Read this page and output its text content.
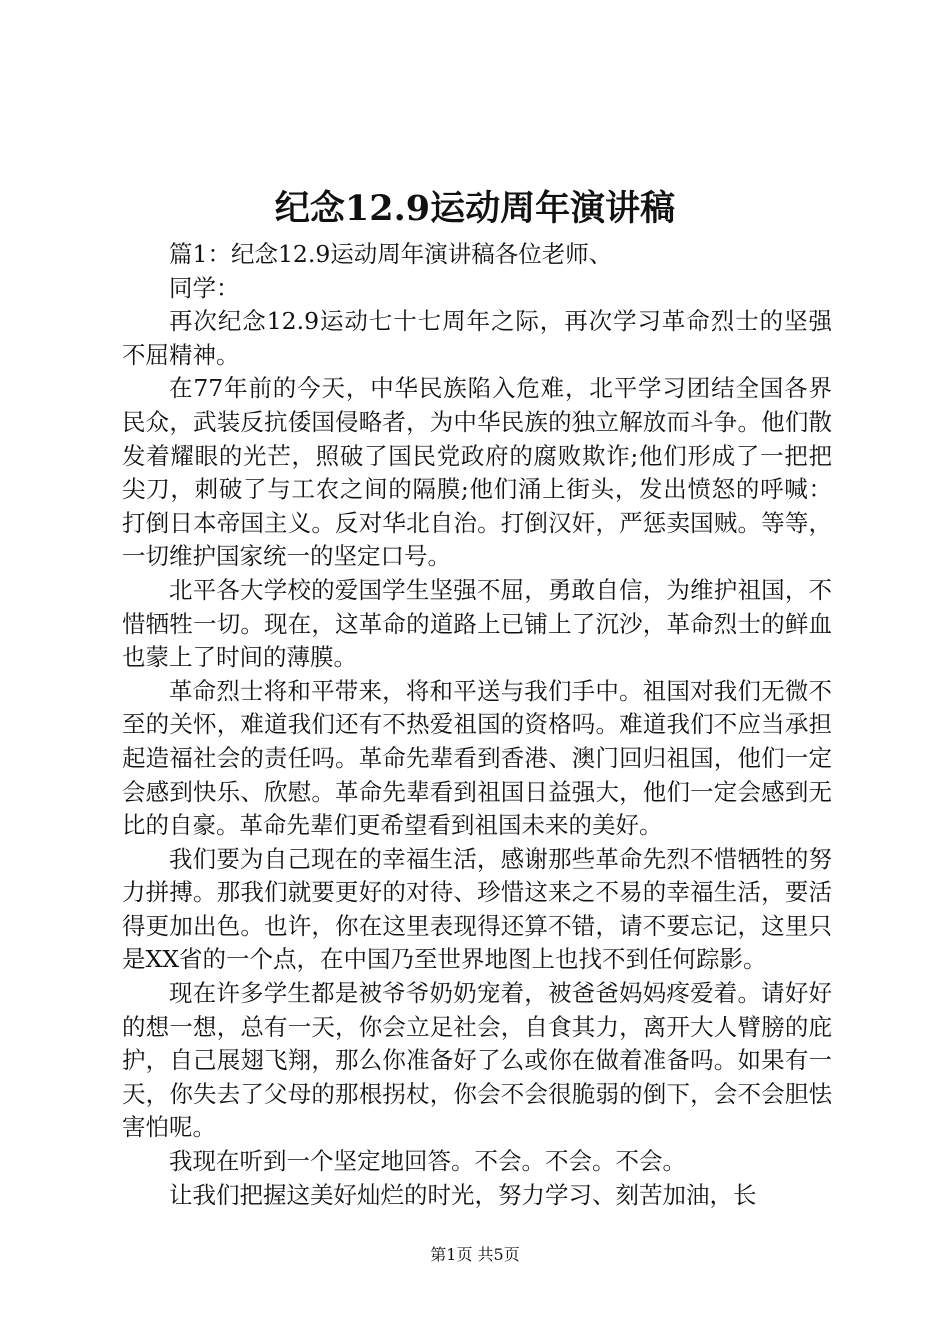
纪念12.9运动周年演讲稿

篇1：纪念12.9运动周年演讲稿各位老师、

同学：

再次纪念12.9运动七十七周年之际，再次学习革命烈士的坚强不屈精神。

在77年前的今天，中华民族陷入危难，北平学习团结全国各界民众，武装反抗倭国侵略者，为中华民族的独立解放而斗争。他们散发着耀眼的光芒，照破了国民党政府的腐败欺诈;他们形成了一把把尖刀，刺破了与工农之间的隔膜;他们涌上街头，发出愤怒的呼喊：打倒日本帝国主义。反对华北自治。打倒汉奸，严惩卖国贼。等等，一切维护国家统一的坚定口号。

北平各大学校的爱国学生坚强不屈，勇敢自信，为维护祖国，不惜牺牲一切。现在，这革命的道路上已铺上了沉沙，革命烈士的鲜血也蒙上了时间的薄膜。

革命烈士将和平带来，将和平送与我们手中。祖国对我们无微不至的关怀，难道我们还有不热爱祖国的资格吗。难道我们不应当承担起造福社会的责任吗。革命先辈看到香港、澳门回归祖国，他们一定会感到快乐、欣慰。革命先辈看到祖国日益强大，他们一定会感到无比的自豪。革命先辈们更希望看到祖国未来的美好。

我们要为自己现在的幸福生活，感谢那些革命先烈不惜牺牲的努力拼搏。那我们就要更好的对待、珍惜这来之不易的幸福生活，要活得更加出色。也许，你在这里表现得还算不错，请不要忘记，这里只是XX省的一个点，在中国乃至世界地图上也找不到任何踪影。

现在许多学生都是被爷爷奶奶宠着，被爸爸妈妈疼爱着。请好好的想一想，总有一天，你会立足社会，自食其力，离开大人臂膀的庇护，自己展翅飞翔，那么你准备好了么或你在做着准备吗。如果有一天，你失去了父母的那根拐杖，你会不会很脆弱的倒下，会不会胆怯害怕呢。

我现在听到一个坚定地回答。不会。不会。不会。

让我们把握这美好灿烂的时光，努力学习、刻苦加油，长

第1页 共5页
